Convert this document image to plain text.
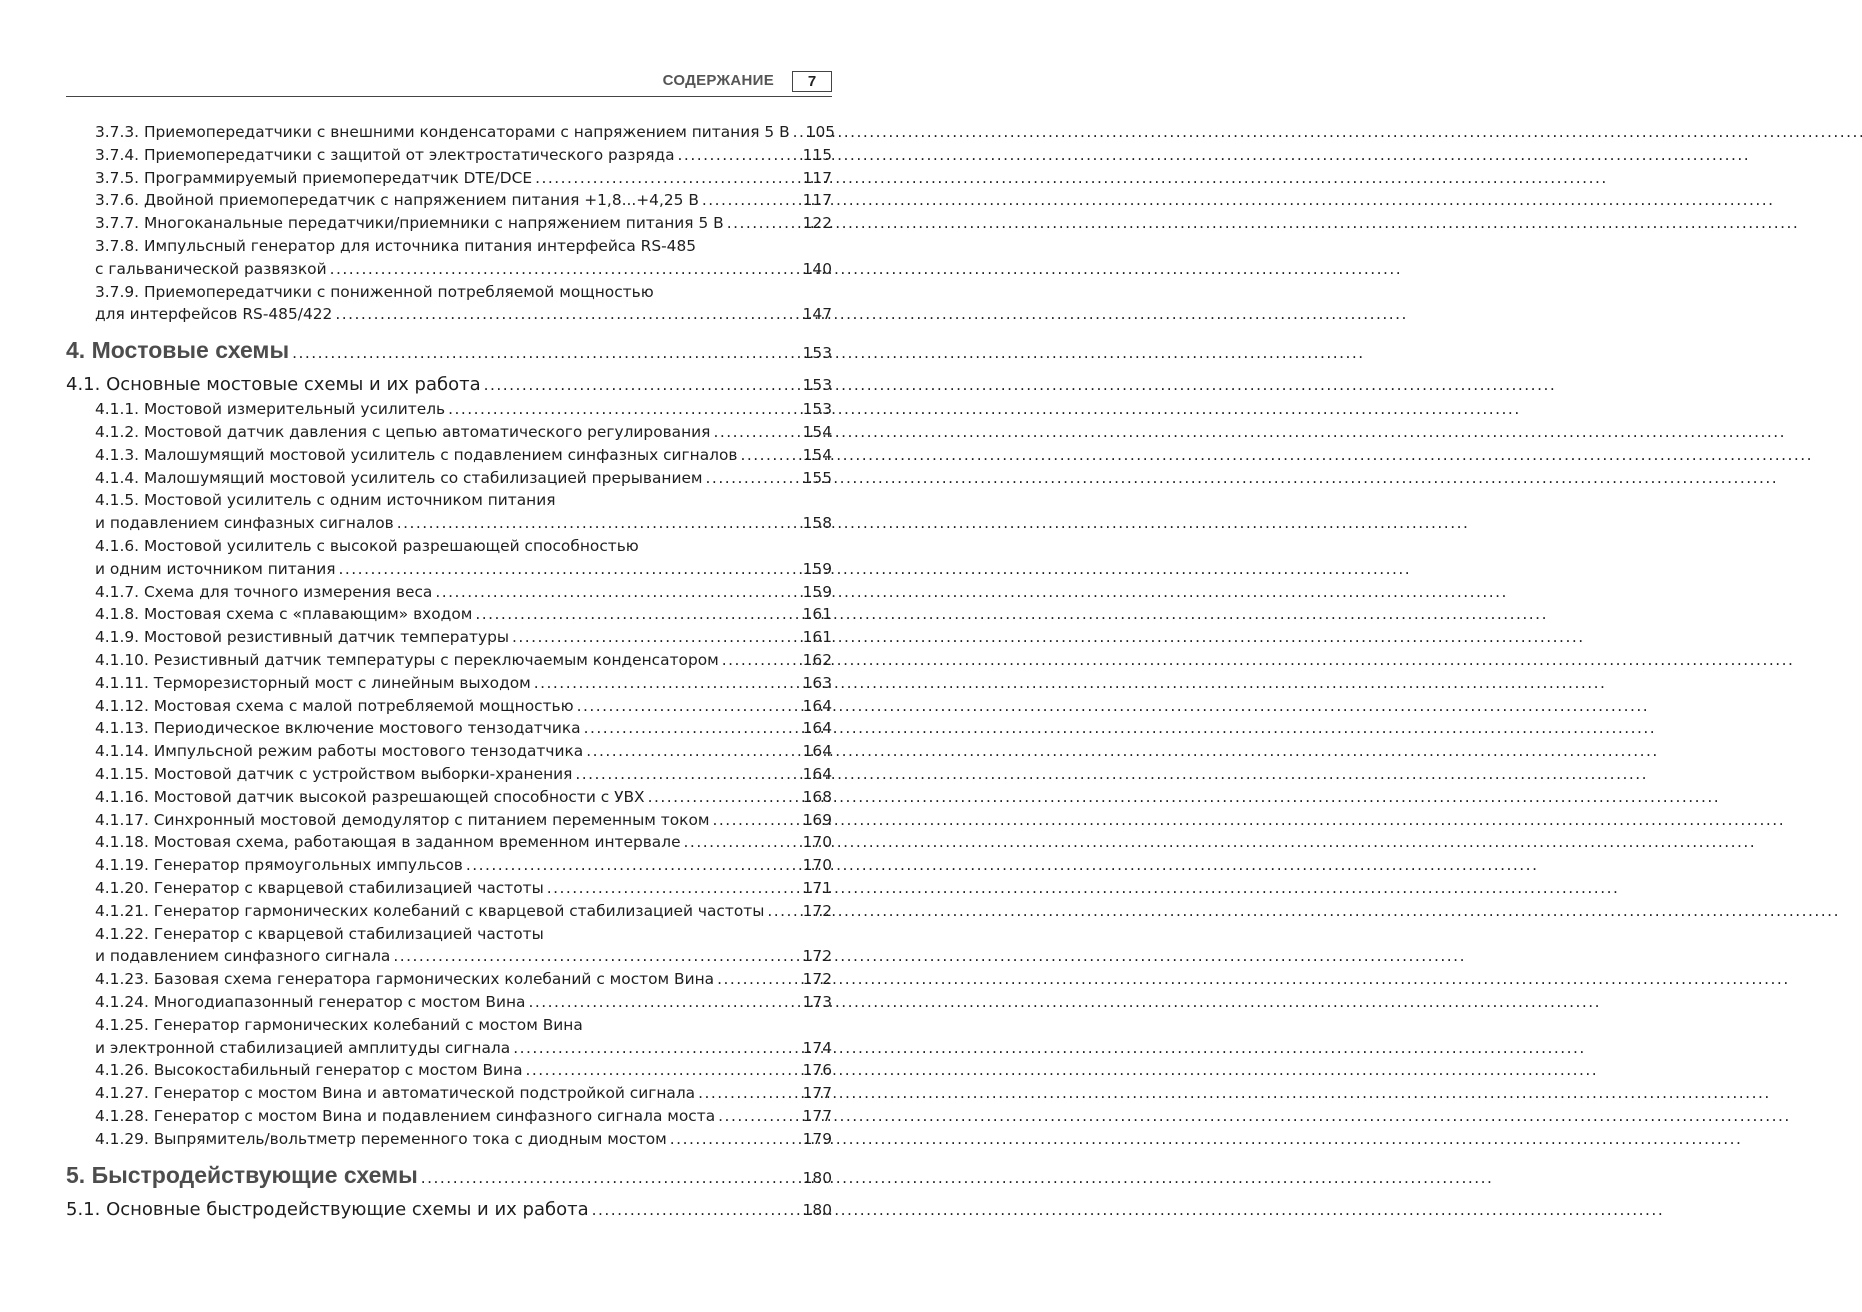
СОДЕРЖАНИЕ	7
3.7.3. Приемопередатчики с внешними конденсаторами с напряжением питания 5 В . . . 105
3.7.4. Приемопередатчики с защитой от электростатического разряда . . .	115
3.7.5. Программируемый приемопередатчик DTE/DCE . . .	117
3.7.6. Двойной приемопередатчик с напряжением питания +1,8...+4,25 В . . .	117
3.7.7. Многоканальные передатчики/приемники с напряжением питания 5 В . . .	122
3.7.8. Импульсный генератор для источника питания интерфейса RS-485
с гальванической развязкой . . .	140
3.7.9. Приемопередатчики с пониженной потребляемой мощностью
для интерфейсов RS-485/422 . . .	147
4. Мостовые схемы . . .	153
4.1. Основные мостовые схемы и их работа . . .	153
4.1.1. Мостовой измерительный усилитель . . .	153
4.1.2. Мостовой датчик давления с цепью автоматического регулирования . . .	154
4.1.3. Малошумящий мостовой усилитель с подавлением синфазных сигналов . . .	154
4.1.4. Малошумящий мостовой усилитель со стабилизацией прерыванием . . .	155
4.1.5. Мостовой усилитель с одним источником питания
и подавлением синфазных сигналов . . .	158
4.1.6. Мостовой усилитель с высокой разрешающей способностью
и одним источником питания . . .	159
4.1.7. Схема для точного измерения веса . . .	159
4.1.8. Мостовая схема с «плавающим» входом . . .	161
4.1.9. Мостовой резистивный датчик температуры . . .	161
4.1.10. Резистивный датчик температуры с переключаемым конденсатором . . .	162
4.1.11. Терморезисторный мост с линейным выходом . . .	163
4.1.12. Мостовая схема с малой потребляемой мощностью . . .	164
4.1.13. Периодическое включение мостового тензодатчика . . .	164
4.1.14. Импульсной режим работы мостового тензодатчика . . .	164
4.1.15. Мостовой датчик с устройством выборки-хранения . . .	164
4.1.16. Мостовой датчик высокой разрешающей способности с УВХ . . .	168
4.1.17. Синхронный мостовой демодулятор с питанием переменным током . . .	169
4.1.18. Мостовая схема, работающая в заданном временном интервале . . .	170
4.1.19. Генератор прямоугольных импульсов . . .	170
4.1.20. Генератор с кварцевой стабилизацией частоты . . .	171
4.1.21. Генератор гармонических колебаний с кварцевой стабилизацией частоты . . . 172
4.1.22. Генератор с кварцевой стабилизацией частоты
и подавлением синфазного сигнала . . .	172
4.1.23. Базовая схема генератора гармонических колебаний с мостом Вина . . .	172
4.1.24. Многодиапазонный генератор с мостом Вина . . .	173
4.1.25. Генератор гармонических колебаний с мостом Вина
и электронной стабилизацией амплитуды сигнала . . .	174
4.1.26. Высокостабильный генератор с мостом Вина . . .	176
4.1.27. Генератор с мостом Вина и автоматической подстройкой сигнала . . .	177
4.1.28. Генератор с мостом Вина и подавлением синфазного сигнала моста . . .	177
4.1.29. Выпрямитель/вольтметр переменного тока с диодным мостом . . .	179
5. Быстродействующие схемы . . .	180
5.1. Основные быстродействующие схемы и их работа . . .	180
